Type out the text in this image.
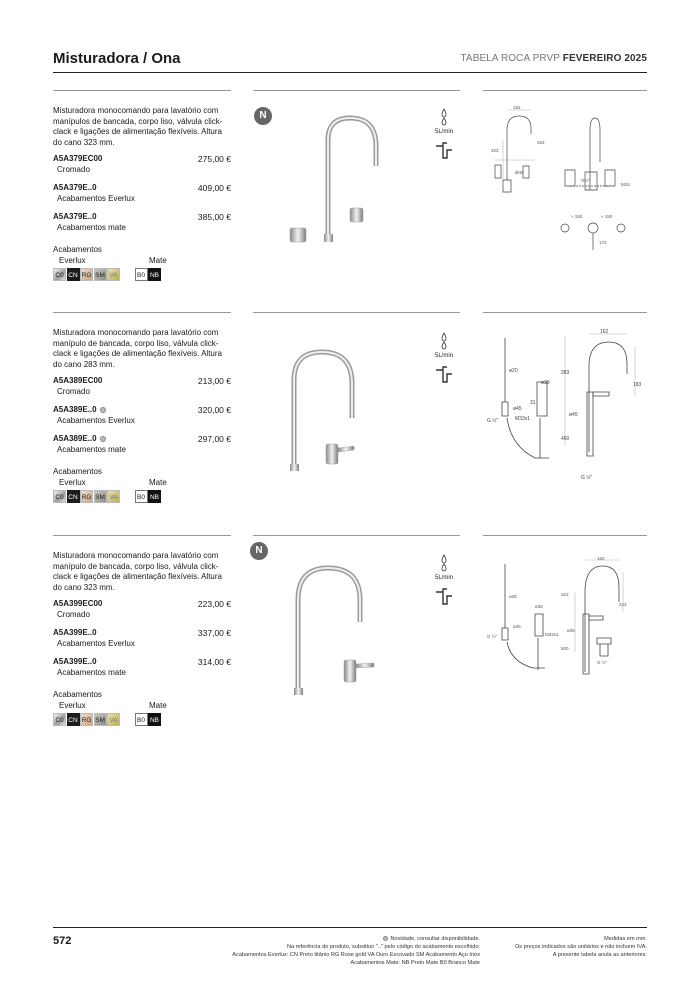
Misturadora / Ona	TABELA ROCA PRVP FEVEREIRO 2025
Misturadora monocomando para lavatório com manípulos de bancada, corpo liso, válvula click-clack e ligações de alimentação flexíveis. Altura do cano 323 mm.
A5A379EC00	275,00 €
Cromado
A5A379E..0	409,00 €
Acabamentos Everlux
A5A379E..0	385,00 €
Acabamentos mate
Acabamentos
Everlux	Mate
C0 CN RG SM VA	B0 NB
N
5L/min
182
323
453
Ø45
G½"
M24
≈ 150	≈ 150
172
Misturadora monocomando para lavatório com manípulo de bancada, corpo liso, válvula click-clack e ligações de alimentação flexíveis. Altura do cano 283 mm.
A5A389EC00	213,00 €
Cromado
A5A389E..0	320,00 €
Acabamentos Everlux
A5A389E..0	297,00 €
Acabamentos mate
Acabamentos
Everlux	Mate
C0 CN RG SM VA	B0 NB
5L/min
162
ø20
ø38
283
183
31
ø45
ø45
M33x1
460
G ½"
G ½"
Misturadora monocomando para lavatório com manípulo de bancada, corpo liso, válvula click-clack e ligações de alimentação flexíveis. Altura do cano 323 mm.
A5A399EC00	223,00 €
Cromado
A5A399E..0	337,00 €
Acabamentos Everlux
A5A399E..0	314,00 €
Acabamentos mate
Acabamentos
Everlux	Mate
C0 CN RG SM VA	B0 NB
N
5L/min
162
ø26
ø38
323
223
ø45
ø45
M33x1
500
G ½"
G ½"
572	Novidade, consultar disponibilidade.
Na referência do produto, substituir ".." pelo código do acabamento escolhido:
Acabamentos Everlux: CN Preto titânio RG Rose gold VA Ouro Escovado SM Acabamento Aço Inox
Acabamentos Mate: NB Preto Mate B0 Branco Mate
Medidas em mm.
Os preços indicados são unitários e não incluem IVA.
A presente tabela anula as anteriores.
